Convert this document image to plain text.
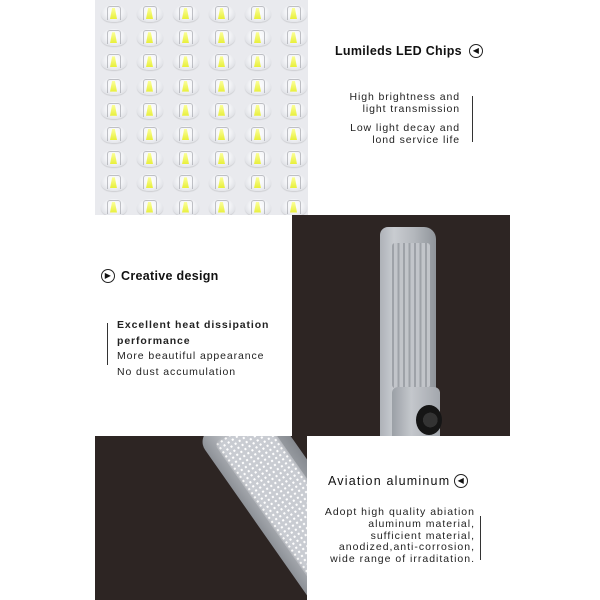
Lumileds LED Chips	◀
High brightness and
light transmission
Low light decay and
lond service life
▶ Creative design
Excellent heat dissipation
performance
More beautiful appearance
No dust accumulation
Aviation aluminum ◀
Adopt high quality abiation
aluminum material,
sufficient material,
anodized,anti-corrosion,
wide range of irraditation.
